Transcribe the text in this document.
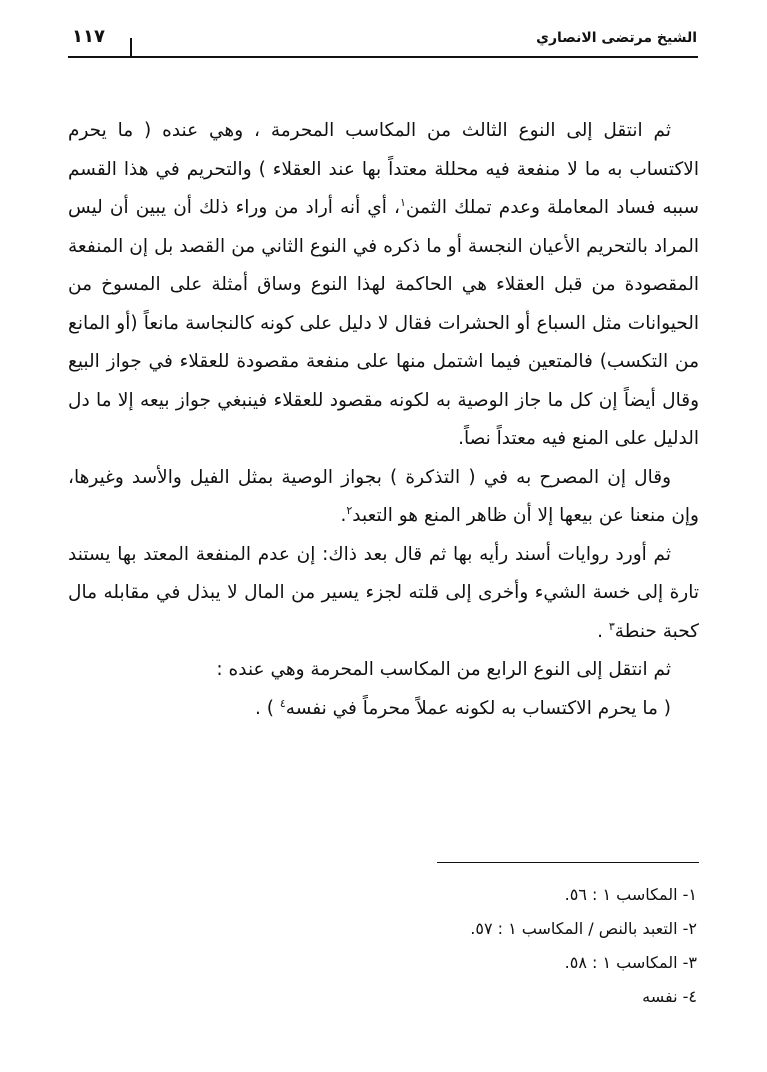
الشيخ مرتضى الانصاري
١١٧

ثم انتقل إلى النوع الثالث من المكاسب المحرمة ، وهي عنده ( ما يحرم الاكتساب به ما لا منفعة فيه محللة معتداً بها عند العقلاء ) والتحريم في هذا القسم سببه فساد المعاملة وعدم تملك الثمن$^١$، أي أنه أراد من وراء ذلك أن يبين أن ليس المراد بالتحريم الأعيان النجسة أو ما ذكره في النوع الثاني من القصد بل إن المنفعة المقصودة من قبل العقلاء هي الحاكمة لهذا النوع وساق أمثلة على المسوخ من الحيوانات مثل السباع أو الحشرات فقال لا دليل على كونه كالنجاسة مانعاً (أو المانع من التكسب) فالمتعين فيما اشتمل منها على منفعة مقصودة للعقلاء في جواز البيع وقال أيضاً إن كل ما جاز الوصية به لكونه مقصود للعقلاء فينبغي جواز بيعه إلا ما دل الدليل على المنع فيه معتداً نصاً.

وقال إن المصرح به في ( التذكرة ) بجواز الوصية بمثل الفيل والأسد وغيرها، وإن منعنا عن بيعها إلا أن ظاهر المنع هو التعبد$^٢$.

ثم أورد روايات أسند رأيه بها ثم قال بعد ذاك: إن عدم المنفعة المعتد بها يستند تارة إلى خسة الشيء وأخرى إلى قلته لجزء يسير من المال لا يبذل في مقابله مال كحبة حنطة$^٣$ .

ثم انتقل إلى النوع الرابع من المكاسب المحرمة وهي عنده :

( ما يحرم الاكتساب به لكونه عملاً محرماً في نفسه$^٤$ ) .

١- المكاسب ١ : ٥٦.

٢- التعبد بالنص / المكاسب ١ : ٥٧.

٣- المكاسب ١ : ٥٨.

٤- نفسه
